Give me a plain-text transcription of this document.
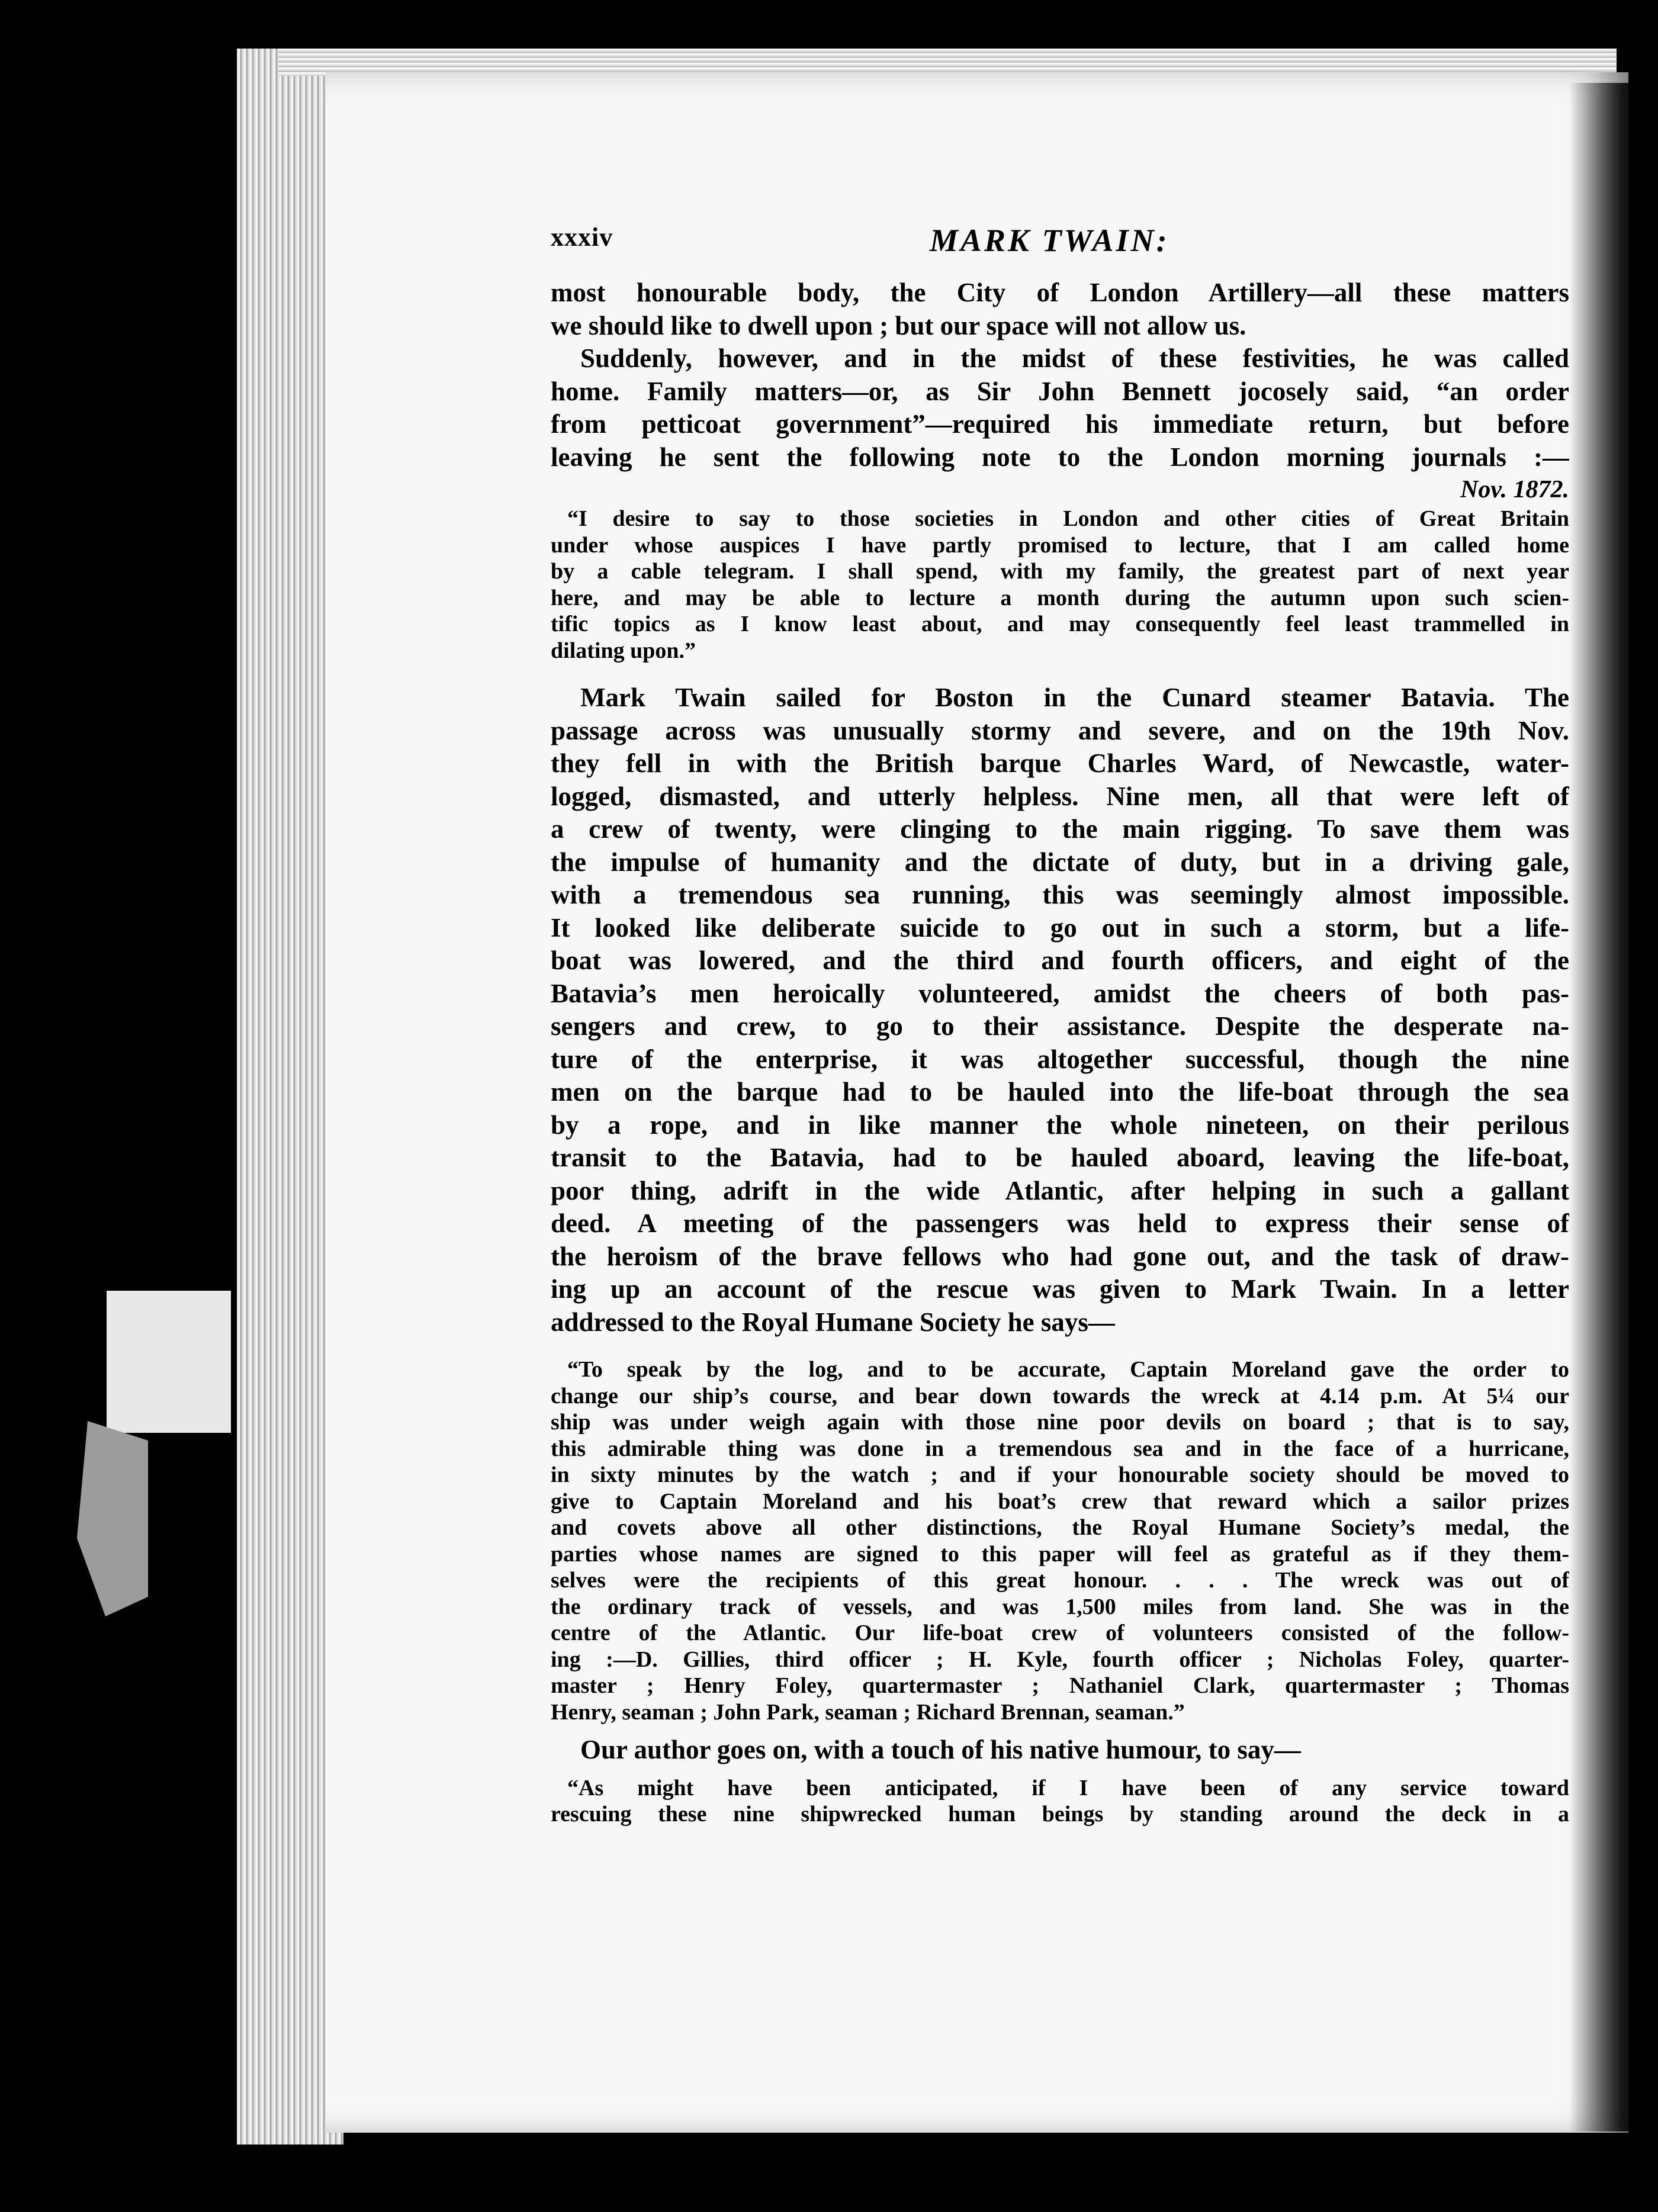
xxxiv	MARK TWAIN:
most honourable body, the City of London Artillery—all these matters
we should like to dwell upon ; but our space will not allow us.
Suddenly, however, and in the midst of these festivities, he was called
home. Family matters—or, as Sir John Bennett jocosely said, “an order
from petticoat government”—required his immediate return, but before
leaving he sent the following note to the London morning journals :—
Nov. 1872.
“I desire to say to those societies in London and other cities of Great Britain
under whose auspices I have partly promised to lecture, that I am called home
by a cable telegram. I shall spend, with my family, the greatest part of next year
here, and may be able to lecture a month during the autumn upon such scien-
tific topics as I know least about, and may consequently feel least trammelled in
dilating upon.”
Mark Twain sailed for Boston in the Cunard steamer Batavia. The
passage across was unusually stormy and severe, and on the 19th Nov.
they fell in with the British barque Charles Ward, of Newcastle, water-
logged, dismasted, and utterly helpless. Nine men, all that were left of
a crew of twenty, were clinging to the main rigging. To save them was
the impulse of humanity and the dictate of duty, but in a driving gale,
with a tremendous sea running, this was seemingly almost impossible.
It looked like deliberate suicide to go out in such a storm, but a life-
boat was lowered, and the third and fourth officers, and eight of the
Batavia’s men heroically volunteered, amidst the cheers of both pas-
sengers and crew, to go to their assistance. Despite the desperate na-
ture of the enterprise, it was altogether successful, though the nine
men on the barque had to be hauled into the life-boat through the sea
by a rope, and in like manner the whole nineteen, on their perilous
transit to the Batavia, had to be hauled aboard, leaving the life-boat,
poor thing, adrift in the wide Atlantic, after helping in such a gallant
deed. A meeting of the passengers was held to express their sense of
the heroism of the brave fellows who had gone out, and the task of draw-
ing up an account of the rescue was given to Mark Twain. In a letter
addressed to the Royal Humane Society he says—
“To speak by the log, and to be accurate, Captain Moreland gave the order to
change our ship’s course, and bear down towards the wreck at 4.14 p.m. At 5¼ our
ship was under weigh again with those nine poor devils on board ; that is to say,
this admirable thing was done in a tremendous sea and in the face of a hurricane,
in sixty minutes by the watch ; and if your honourable society should be moved to
give to Captain Moreland and his boat’s crew that reward which a sailor prizes
and covets above all other distinctions, the Royal Humane Society’s medal, the
parties whose names are signed to this paper will feel as grateful as if they them-
selves were the recipients of this great honour. . . . The wreck was out of
the ordinary track of vessels, and was 1,500 miles from land. She was in the
centre of the Atlantic. Our life-boat crew of volunteers consisted of the follow-
ing :—D. Gillies, third officer ; H. Kyle, fourth officer ; Nicholas Foley, quarter-
master ; Henry Foley, quartermaster ; Nathaniel Clark, quartermaster ; Thomas
Henry, seaman ; John Park, seaman ; Richard Brennan, seaman.”
Our author goes on, with a touch of his native humour, to say—
“As might have been anticipated, if I have been of any service toward
rescuing these nine shipwrecked human beings by standing around the deck in a
